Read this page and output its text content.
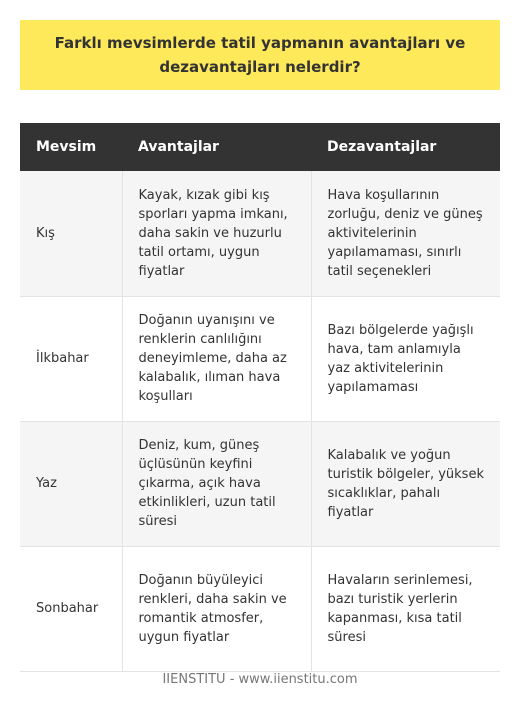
Farklı mevsimlerde tatil yapmanın avantajları ve dezavantajları nelerdir?
Mevsim	Avantajlar	Dezavantajlar
Kış	Kayak, kızak gibi kış sporları yapma imkanı, daha sakin ve huzurlu tatil ortamı, uygun fiyatlar	Hava koşullarının zorluğu, deniz ve güneş aktivitelerinin yapılamaması, sınırlı tatil seçenekleri
İlkbahar	Doğanın uyanışını ve renklerin canlılığını deneyimleme, daha az kalabalık, ılıman hava koşulları	Bazı bölgelerde yağışlı hava, tam anlamıyla yaz aktivitelerinin yapılamaması
Yaz	Deniz, kum, güneş üçlüsünün keyfini çıkarma, açık hava etkinlikleri, uzun tatil süresi	Kalabalık ve yoğun turistik bölgeler, yüksek sıcaklıklar, pahalı fiyatlar
Sonbahar	Doğanın büyüleyici renkleri, daha sakin ve romantik atmosfer, uygun fiyatlar	Havaların serinlemesi, bazı turistik yerlerin kapanması, kısa tatil süresi
IIENSTITU - www.iienstitu.com
